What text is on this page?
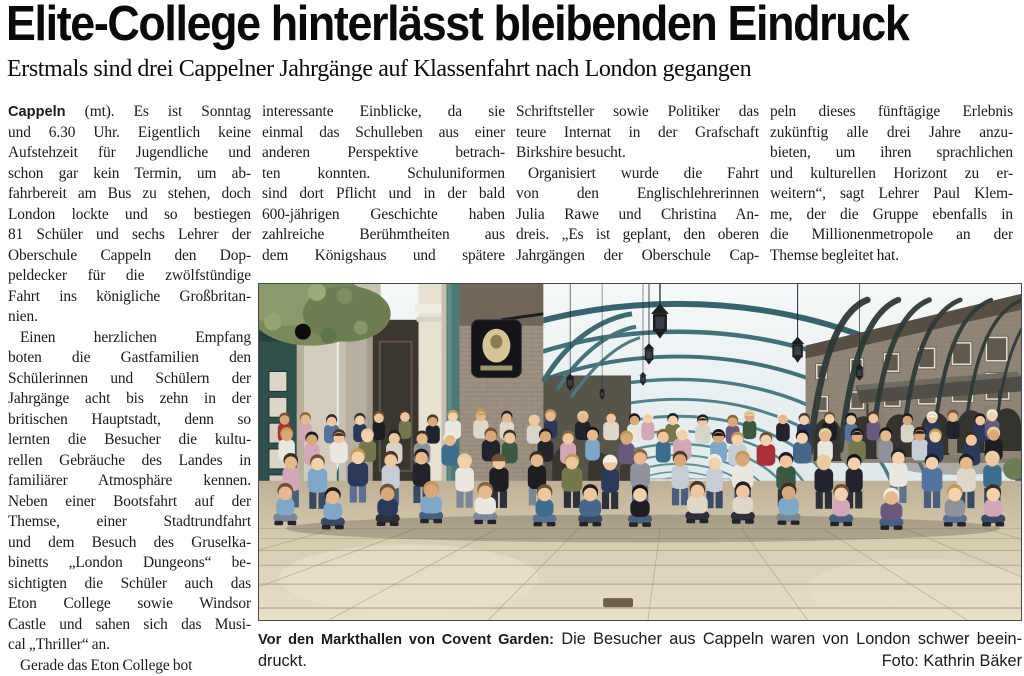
Elite-College hinterlässt bleibenden Eindruck
Erstmals sind drei Cappelner Jahrgänge auf Klassenfahrt nach London gegangen
Cappeln (mt). Es ist Sonntag
und 6.30 Uhr. Eigentlich keine
Aufstehzeit für Jugendliche und
schon gar kein Termin, um ab-
fahrbereit am Bus zu stehen, doch
London lockte und so bestiegen
81 Schüler und sechs Lehrer der
Oberschule Cappeln den Dop-
peldecker für die zwölfstündige
Fahrt ins königliche Großbritan-
nien.
Einen herzlichen Empfang
boten die Gastfamilien den
Schülerinnen und Schülern der
Jahrgänge acht bis zehn in der
britischen Hauptstadt, denn so
lernten die Besucher die kultu-
rellen Gebräuche des Landes in
familiärer Atmosphäre kennen.
Neben einer Bootsfahrt auf der
Themse, einer Stadtrundfahrt
und dem Besuch des Gruselka-
binetts „London Dungeons“ be-
sichtigten die Schüler auch das
Eton College sowie Windsor
Castle und sahen sich das Musi-
cal „Thriller“ an.
Gerade das Eton College bot
interessante Einblicke, da sie
einmal das Schulleben aus einer
anderen Perspektive betrach-
ten konnten. Schuluniformen
sind dort Pflicht und in der bald
600-jährigen Geschichte haben
zahlreiche Berühmtheiten aus
dem Königshaus und spätere
Schriftsteller sowie Politiker das
teure Internat in der Grafschaft
Birkshire besucht.
Organisiert wurde die Fahrt
von den Englischlehrerinnen
Julia Rawe und Christina An-
dreis. „Es ist geplant, den oberen
Jahrgängen der Oberschule Cap-
peln dieses fünftägige Erlebnis
zukünftig alle drei Jahre anzu-
bieten, um ihren sprachlichen
und kulturellen Horizont zu er-
weitern“, sagt Lehrer Paul Klem-
me, der die Gruppe ebenfalls in
die Millionenmetropole an der
Themse begleitet hat.
Vor den Markthallen von Covent Garden: Die Besucher aus Cappeln waren von London schwer beein-
druckt.	Foto: Kathrin Bäker
